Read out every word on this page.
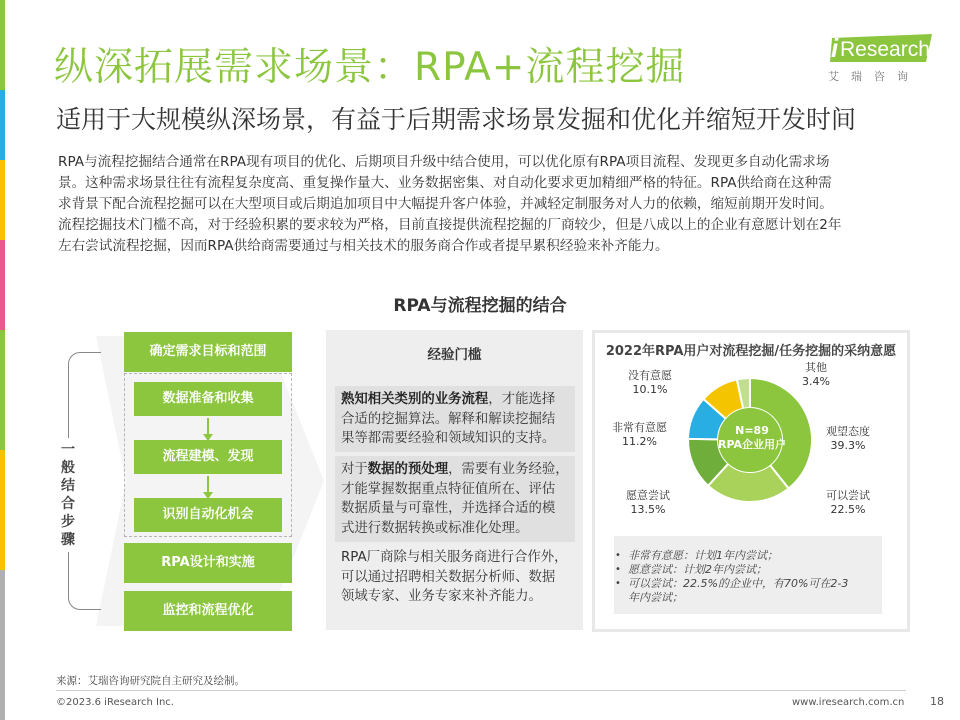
Research
i
艾瑞咨询
纵深拓展需求场景：RPA+流程挖掘
适用于大规模纵深场景，有益于后期需求场景发掘和优化并缩短开发时间
RPA与流程挖掘结合通常在RPA现有项目的优化、后期项目升级中结合使用，可以优化原有RPA项目流程、发现更多自动化需求场
景。这种需求场景往往有流程复杂度高、重复操作量大、业务数据密集、对自动化要求更加精细严格的特征。RPA供给商在这种需
求背景下配合流程挖掘可以在大型项目或后期追加项目中大幅提升客户体验，并减轻定制服务对人力的依赖，缩短前期开发时间。
流程挖掘技术门槛不高，对于经验积累的要求较为严格，目前直接提供流程挖掘的厂商较少，但是八成以上的企业有意愿计划在2年
左右尝试流程挖掘，因而RPA供给商需要通过与相关技术的服务商合作或者提早累积经验来补齐能力。
RPA与流程挖掘的结合
一般结合步骤
确定需求目标和范围
数据准备和收集
流程建模、发现
识别自动化机会
RPA设计和实施
监控和流程优化
经验门槛
熟知相关类别的业务流程，才能选择
合适的挖掘算法。解释和解读挖掘结
果等都需要经验和领域知识的支持。
对于数据的预处理，需要有业务经验，
才能掌握数据重点特征值所在、评估
数据质量与可靠性，并选择合适的模
式进行数据转换或标准化处理。
RPA厂商除与相关服务商进行合作外，
可以通过招聘相关数据分析师、数据
领域专家、业务专家来补齐能力。
2022年RPA用户对流程挖掘/任务挖掘的采纳意愿
N=89
RPA企业用户
没有意愿
10.1%
其他
3.4%
非常有意愿
11.2%
观望态度
39.3%
愿意尝试
13.5%
可以尝试
22.5%
• 非常有意愿：计划1年内尝试；
• 愿意尝试：计划2年内尝试；
• 可以尝试：22.5%的企业中，有70%可在2-3
年内尝试；
来源：艾瑞咨询研究院自主研究及绘制。
©2023.6 iResearch Inc.	www.iresearch.com.cn 18
